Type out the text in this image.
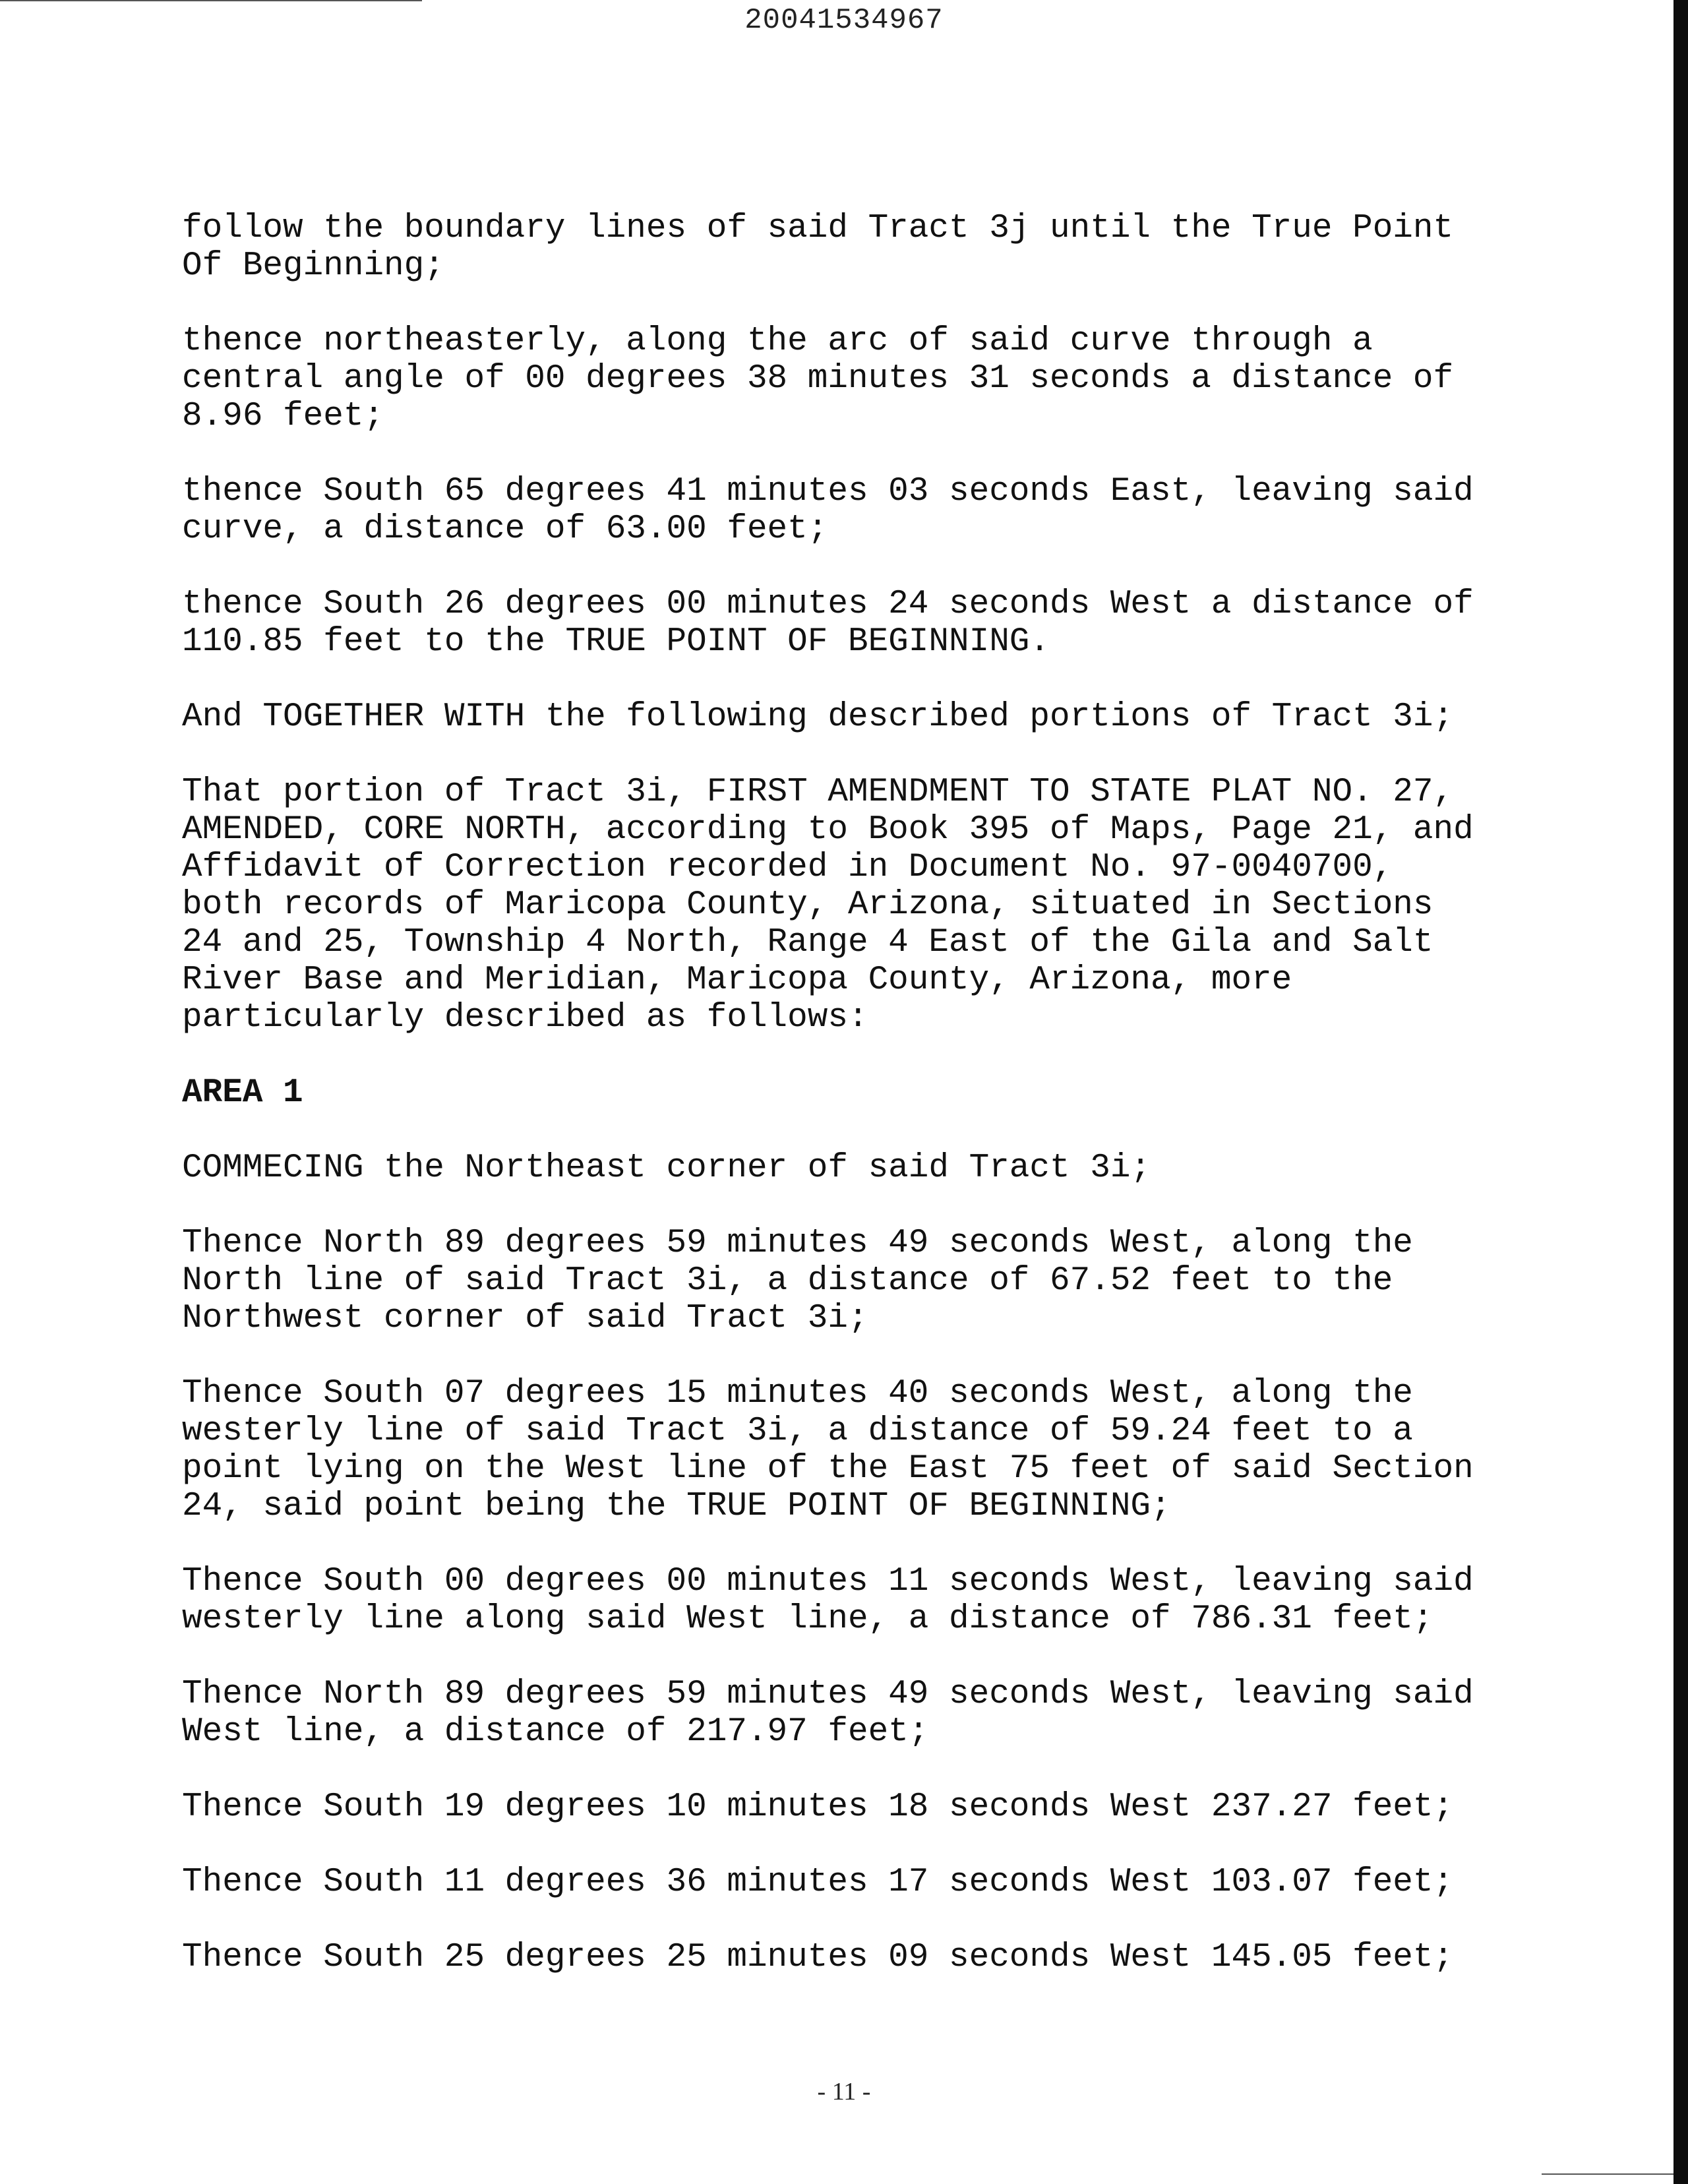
20041534967

follow the boundary lines of said Tract 3j until the True Point
Of Beginning;

thence northeasterly, along the arc of said curve through a
central angle of 00 degrees 38 minutes 31 seconds a distance of
8.96 feet;

thence South 65 degrees 41 minutes 03 seconds East, leaving said
curve, a distance of 63.00 feet;

thence South 26 degrees 00 minutes 24 seconds West a distance of
110.85 feet to the TRUE POINT OF BEGINNING.

And TOGETHER WITH the following described portions of Tract 3i;

That portion of Tract 3i, FIRST AMENDMENT TO STATE PLAT NO. 27,
AMENDED, CORE NORTH, according to Book 395 of Maps, Page 21, and
Affidavit of Correction recorded in Document No. 97-0040700,
both records of Maricopa County, Arizona, situated in Sections
24 and 25, Township 4 North, Range 4 East of the Gila and Salt
River Base and Meridian, Maricopa County, Arizona, more
particularly described as follows:

AREA 1

COMMECING the Northeast corner of said Tract 3i;

Thence North 89 degrees 59 minutes 49 seconds West, along the
North line of said Tract 3i, a distance of 67.52 feet to the
Northwest corner of said Tract 3i;

Thence South 07 degrees 15 minutes 40 seconds West, along the
westerly line of said Tract 3i, a distance of 59.24 feet to a
point lying on the West line of the East 75 feet of said Section
24, said point being the TRUE POINT OF BEGINNING;

Thence South 00 degrees 00 minutes 11 seconds West, leaving said
westerly line along said West line, a distance of 786.31 feet;

Thence North 89 degrees 59 minutes 49 seconds West, leaving said
West line, a distance of 217.97 feet;

Thence South 19 degrees 10 minutes 18 seconds West 237.27 feet;

Thence South 11 degrees 36 minutes 17 seconds West 103.07 feet;

Thence South 25 degrees 25 minutes 09 seconds West 145.05 feet;

- 11 -
